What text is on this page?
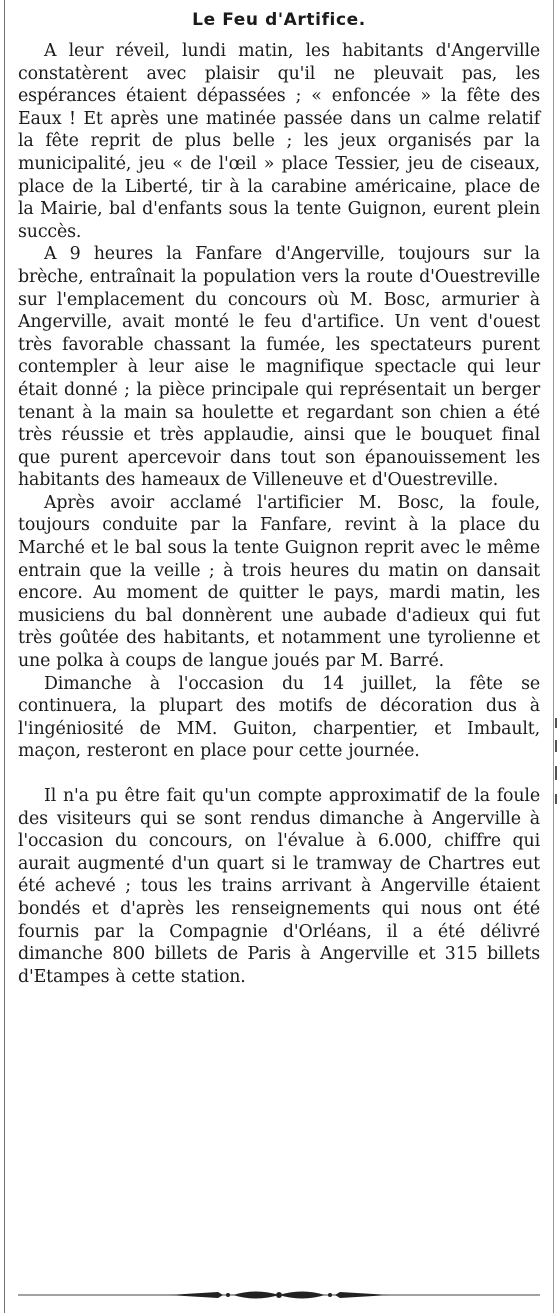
Le Feu d'Artifice.

A leur réveil, lundi matin, les habitants d'Angerville constatèrent avec plaisir qu'il ne pleuvait pas, les espérances étaient dépassées ; « enfoncée » la fête des Eaux ! Et après une matinée passée dans un calme relatif la fête reprit de plus belle ; les jeux organisés par la municipalité, jeu « de l'œil » place Tessier, jeu de ciseaux, place de la Liberté, tir à la carabine américaine, place de la Mairie, bal d'enfants sous la tente Guignon, eurent plein succès.

A 9 heures la Fanfare d'Angerville, toujours sur la brèche, entraînait la population vers la route d'Ouestreville sur l'emplacement du concours où M. Bosc, armurier à Angerville, avait monté le feu d'artifice. Un vent d'ouest très favorable chassant la fumée, les spectateurs purent contempler à leur aise le magnifique spectacle qui leur était donné ; la pièce principale qui représentait un berger tenant à la main sa houlette et regardant son chien a été très réussie et très applaudie, ainsi que le bouquet final que purent apercevoir dans tout son épanouissement les habitants des hameaux de Villeneuve et d'Ouestreville.

Après avoir acclamé l'artificier M. Bosc, la foule, toujours conduite par la Fanfare, revint à la place du Marché et le bal sous la tente Guignon reprit avec le même entrain que la veille ; à trois heures du matin on dansait encore. Au moment de quitter le pays, mardi matin, les musiciens du bal donnèrent une aubade d'adieux qui fut très goûtée des habitants, et notamment une tyrolienne et une polka à coups de langue joués par M. Barré.

Dimanche à l'occasion du 14 juillet, la fête se continuera, la plupart des motifs de décoration dus à l'ingéniosité de MM. Guiton, charpentier, et Imbault, maçon, resteront en place pour cette journée.

Il n'a pu être fait qu'un compte approximatif de la foule des visiteurs qui se sont rendus dimanche à Angerville à l'occasion du concours, on l'évalue à 6.000, chiffre qui aurait augmenté d'un quart si le tramway de Chartres eut été achevé ; tous les trains arrivant à Angerville étaient bondés et d'après les renseignements qui nous ont été fournis par la Compagnie d'Orléans, il a été délivré dimanche 800 billets de Paris à Angerville et 315 billets d'Etampes à cette station.
